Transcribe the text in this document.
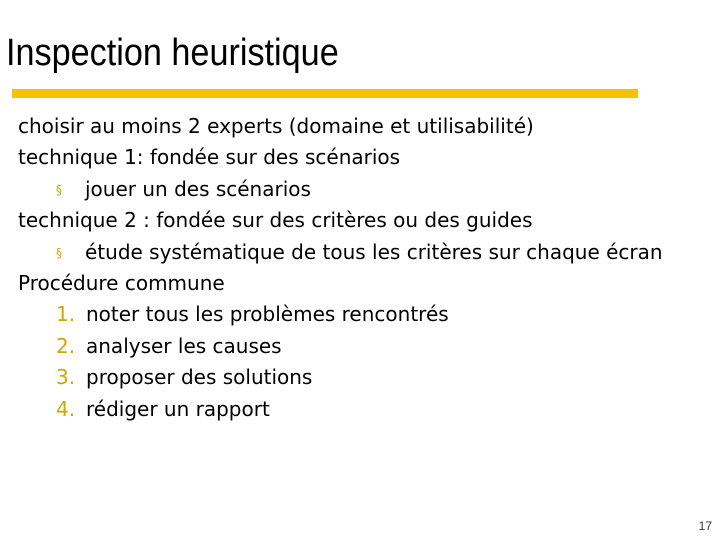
Inspection heuristique
choisir au moins 2 experts (domaine et utilisabilité)
technique 1: fondée sur des scénarios
§ jouer un des scénarios
technique 2 : fondée sur des critères ou des guides
§ étude systématique de tous les critères sur chaque écran
Procédure commune
1. noter tous les problèmes rencontrés
2. analyser les causes
3. proposer des solutions
4. rédiger un rapport
17
